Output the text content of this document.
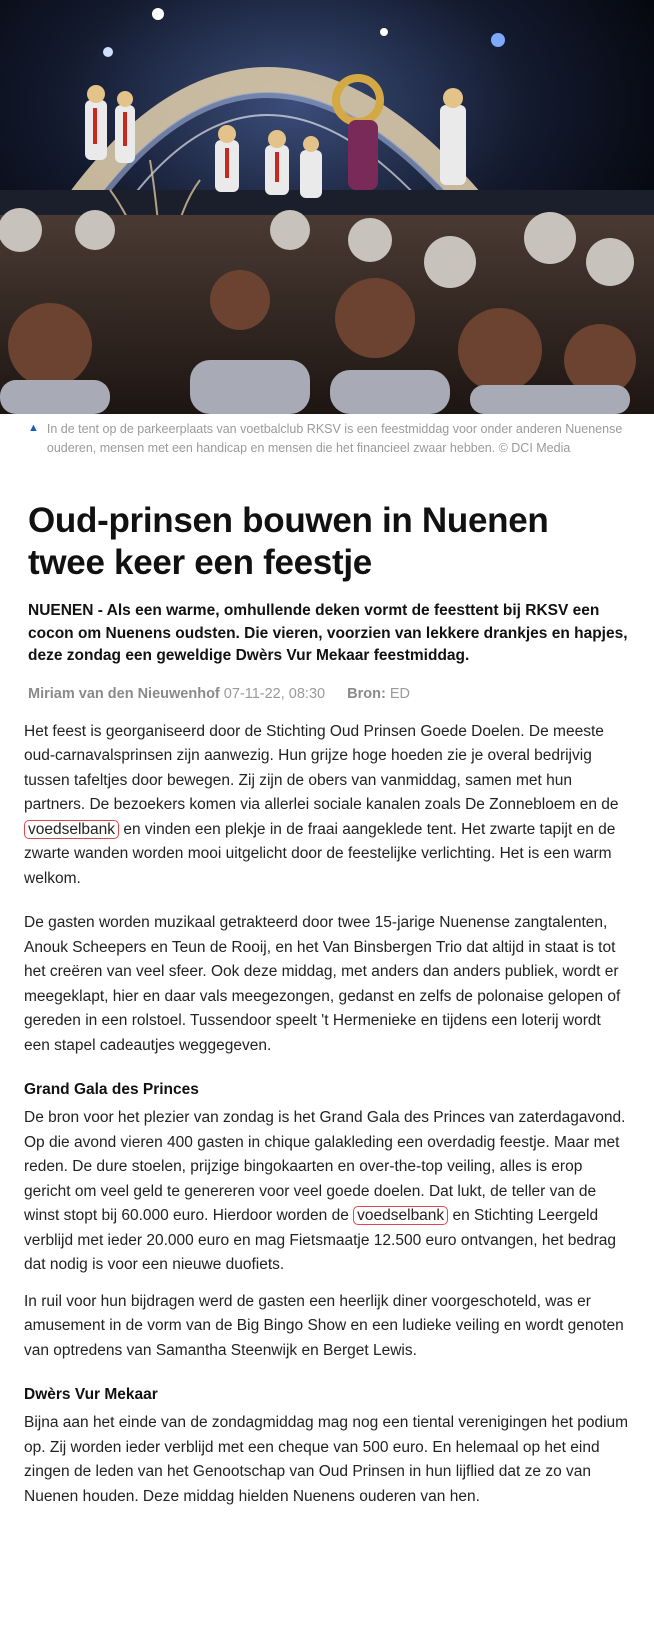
▲ In de tent op de parkeerplaats van voetbalclub RKSV is een feestmiddag voor onder anderen Nuenense ouderen, mensen met een handicap en mensen die het financieel zwaar hebben. © DCI Media
Oud-prinsen bouwen in Nuenen twee keer een feestje
NUENEN - Als een warme, omhullende deken vormt de feesttent bij RKSV een cocon om Nuenens oudsten. Die vieren, voorzien van lekkere drankjes en hapjes, deze zondag een geweldige Dwèrs Vur Mekaar feestmiddag.
Miriam van den Nieuwenhof 07-11-22, 08:30 Bron: ED

Het feest is georganiseerd door de Stichting Oud Prinsen Goede Doelen. De meeste oud-carnavalsprinsen zijn aanwezig. Hun grijze hoge hoeden zie je overal bedrijvig tussen tafeltjes door bewegen. Zij zijn de obers van vanmiddag, samen met hun partners. De bezoekers komen via allerlei sociale kanalen zoals De Zonnebloem en de voedselbank en vinden een plekje in de fraai aangeklede tent. Het zwarte tapijt en de zwarte wanden worden mooi uitgelicht door de feestelijke verlichting. Het is een warm welkom.

De gasten worden muzikaal getrakteerd door twee 15-jarige Nuenense zangtalenten, Anouk Scheepers en Teun de Rooij, en het Van Binsbergen Trio dat altijd in staat is tot het creëren van veel sfeer. Ook deze middag, met anders dan anders publiek, wordt er meegeklapt, hier en daar vals meegezongen, gedanst en zelfs de polonaise gelopen of gereden in een rolstoel. Tussendoor speelt 't Hermenieke en tijdens een loterij wordt een stapel cadeautjes weggegeven.

Grand Gala des Princes

De bron voor het plezier van zondag is het Grand Gala des Princes van zaterdagavond. Op die avond vieren 400 gasten in chique galakleding een overdadig feestje. Maar met reden. De dure stoelen, prijzige bingokaarten en over-the-top veiling, alles is erop gericht om veel geld te genereren voor veel goede doelen. Dat lukt, de teller van de winst stopt bij 60.000 euro. Hierdoor worden de voedselbank en Stichting Leergeld verblijd met ieder 20.000 euro en mag Fietsmaatje 12.500 euro ontvangen, het bedrag dat nodig is voor een nieuwe duofiets.

In ruil voor hun bijdragen werd de gasten een heerlijk diner voorgeschoteld, was er amusement in de vorm van de Big Bingo Show en een ludieke veiling en wordt genoten van optredens van Samantha Steenwijk en Berget Lewis.

Dwèrs Vur Mekaar

Bijna aan het einde van de zondagmiddag mag nog een tiental verenigingen het podium op. Zij worden ieder verblijd met een cheque van 500 euro. En helemaal op het eind zingen de leden van het Genootschap van Oud Prinsen in hun lijflied dat ze zo van Nuenen houden. Deze middag hielden Nuenens ouderen van hen.
